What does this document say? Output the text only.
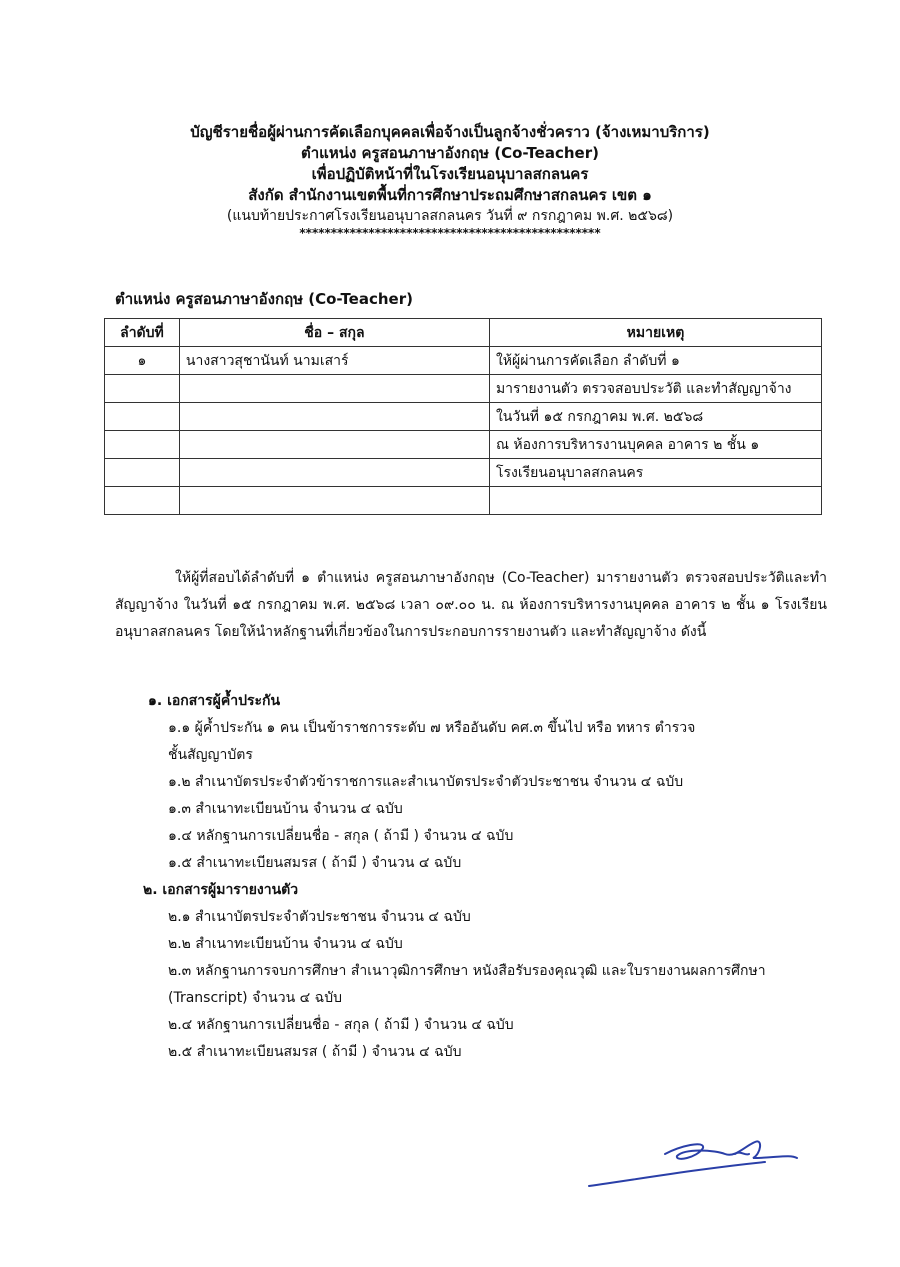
บัญชีรายชื่อผู้ผ่านการคัดเลือกบุคคลเพื่อจ้างเป็นลูกจ้างชั่วคราว (จ้างเหมาบริการ)
ตำแหน่ง ครูสอนภาษาอังกฤษ (Co-Teacher)
เพื่อปฏิบัติหน้าที่ในโรงเรียนอนุบาลสกลนคร
สังกัด สำนักงานเขตพื้นที่การศึกษาประถมศึกษาสกลนคร เขต ๑
(แนบท้ายประกาศโรงเรียนอนุบาลสกลนคร วันที่ ๙ กรกฎาคม พ.ศ. ๒๕๖๘)
************************************************
ตำแหน่ง ครูสอนภาษาอังกฤษ (Co-Teacher)
ลำดับที่	ชื่อ – สกุล	หมายเหตุ
๑	นางสาวสุชานันท์ นามเสาร์	ให้ผู้ผ่านการคัดเลือก ลำดับที่ ๑
		มารายงานตัว ตรวจสอบประวัติ และทำสัญญาจ้าง
		ในวันที่ ๑๕ กรกฎาคม พ.ศ. ๒๕๖๘
		ณ ห้องการบริหารงานบุคคล อาคาร ๒ ชั้น ๑
		โรงเรียนอนุบาลสกลนคร

ให้ผู้ที่สอบได้ลำดับที่ ๑ ตำแหน่ง ครูสอนภาษาอังกฤษ (Co-Teacher) มารายงานตัว ตรวจสอบประวัติและทำสัญญาจ้าง ในวันที่ ๑๕ กรกฎาคม พ.ศ. ๒๕๖๘ เวลา ๐๙.๐๐ น. ณ ห้องการบริหารงานบุคคล อาคาร ๒ ชั้น ๑ โรงเรียนอนุบาลสกลนคร โดยให้นำหลักฐานที่เกี่ยวข้องในการประกอบการรายงานตัว และทำสัญญาจ้าง ดังนี้
๑. เอกสารผู้ค้ำประกัน
๑.๑ ผู้ค้ำประกัน ๑ คน เป็นข้าราชการระดับ ๗ หรืออันดับ คศ.๓ ขึ้นไป หรือ ทหาร ตำรวจ
ชั้นสัญญาบัตร
๑.๒ สำเนาบัตรประจำตัวข้าราชการและสำเนาบัตรประจำตัวประชาชน จำนวน ๔ ฉบับ
๑.๓ สำเนาทะเบียนบ้าน จำนวน ๔ ฉบับ
๑.๔ หลักฐานการเปลี่ยนชื่อ - สกุล ( ถ้ามี ) จำนวน ๔ ฉบับ
๑.๕ สำเนาทะเบียนสมรส ( ถ้ามี ) จำนวน ๔ ฉบับ
๒. เอกสารผู้มารายงานตัว
๒.๑ สำเนาบัตรประจำตัวประชาชน จำนวน ๔ ฉบับ
๒.๒ สำเนาทะเบียนบ้าน จำนวน ๔ ฉบับ
๒.๓ หลักฐานการจบการศึกษา สำเนาวุฒิการศึกษา หนังสือรับรองคุณวุฒิ และใบรายงานผลการศึกษา
(Transcript) จำนวน ๔ ฉบับ
๒.๔ หลักฐานการเปลี่ยนชื่อ - สกุล ( ถ้ามี ) จำนวน ๔ ฉบับ
๒.๕ สำเนาทะเบียนสมรส ( ถ้ามี ) จำนวน ๔ ฉบับ
